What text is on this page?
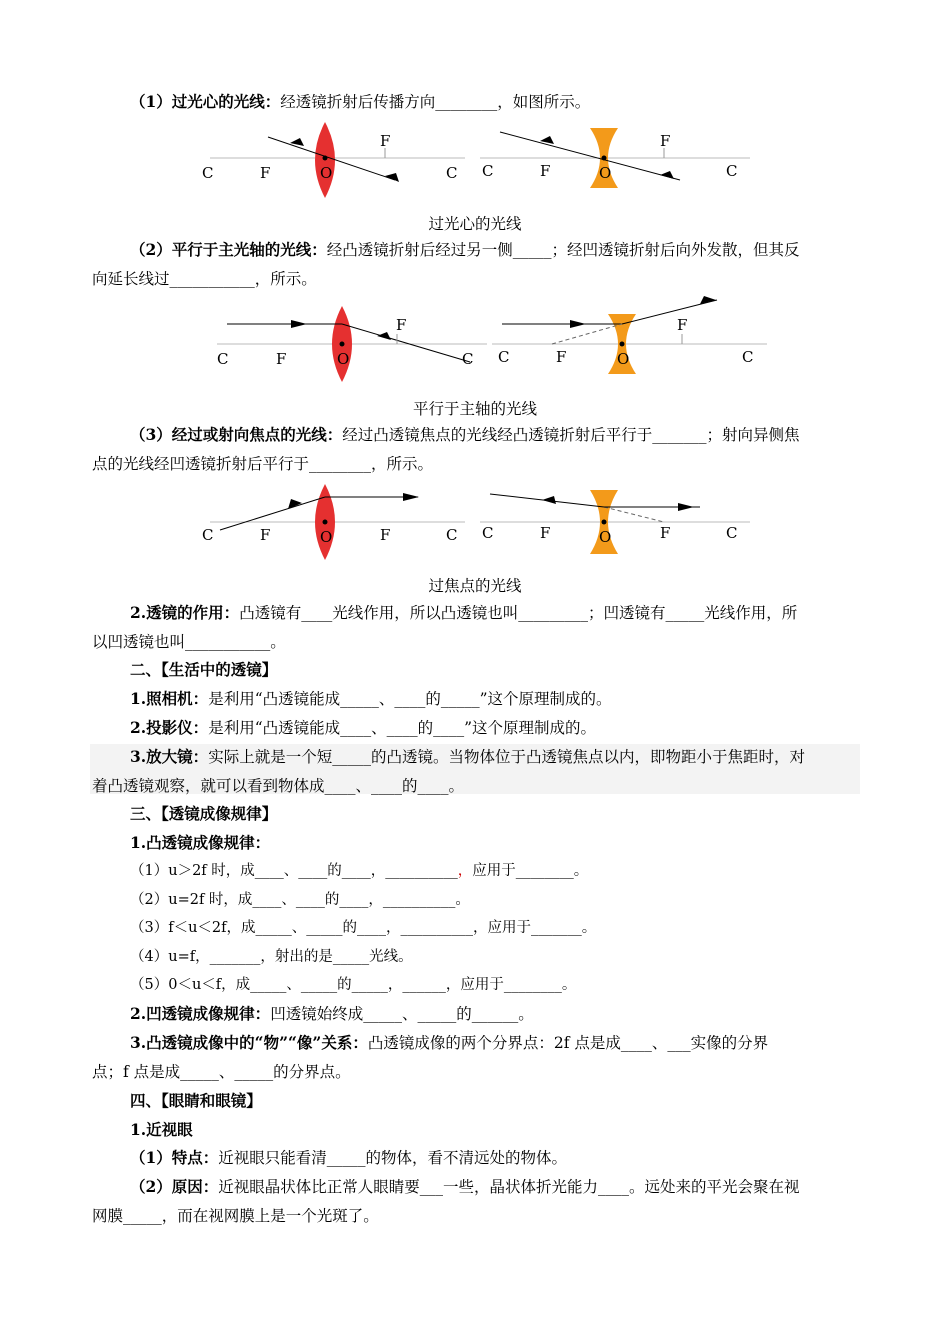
（1）过光心的光线：经透镜折射后传播方向________，如图所示。
C	F	O
F
C C	F	O
F
C
过光心的光线
（2）平行于主光轴的光线：经凸透镜折射后经过另一侧_____；经凹透镜折射后向外发散，但其反
向延长线过___________，所示。
C	F	O
F
C C	F	O
F
C
平行于主轴的光线
（3）经过或射向焦点的光线：经过凸透镜焦点的光线经凸透镜折射后平行于_______；射向异侧焦
点的光线经凹透镜折射后平行于________，所示。
C	F	O	F	C C	F	O	F	C
过焦点的光线
2.透镜的作用：凸透镜有____光线作用，所以凸透镜也叫_________；凹透镜有_____光线作用，所
以凹透镜也叫___________。
二、【生活中的透镜】
1.照相机：是利用“凸透镜能成_____、____的_____”这个原理制成的。
2.投影仪：是利用“凸透镜能成____、____的____”这个原理制成的。
3.放大镜：实际上就是一个短_____的凸透镜。当物体位于凸透镜焦点以内，即物距小于焦距时，对
着凸透镜观察，就可以看到物体成____、____的____。
三、【透镜成像规律】
1.凸透镜成像规律：
（1）u＞2f 时，成____、____的____，__________，应用于________。
（2）u=2f 时，成____、____的____，__________。
（3）f＜u＜2f，成_____、_____的____，__________，应用于_______。
（4）u=f，_______，射出的是_____光线。
（5）0＜u＜f，成_____、_____的_____，______，应用于________。
2.凹透镜成像规律：凹透镜始终成_____、_____的______。
3.凸透镜成像中的“物”“像”关系：凸透镜成像的两个分界点：2f 点是成____、___实像的分界
点；f 点是成_____、_____的分界点。
四、【眼睛和眼镜】
1.近视眼
（1）特点：近视眼只能看清_____的物体，看不清远处的物体。
（2）原因：近视眼晶状体比正常人眼睛要___一些，晶状体折光能力____。远处来的平光会聚在视
网膜_____，而在视网膜上是一个光斑了。
